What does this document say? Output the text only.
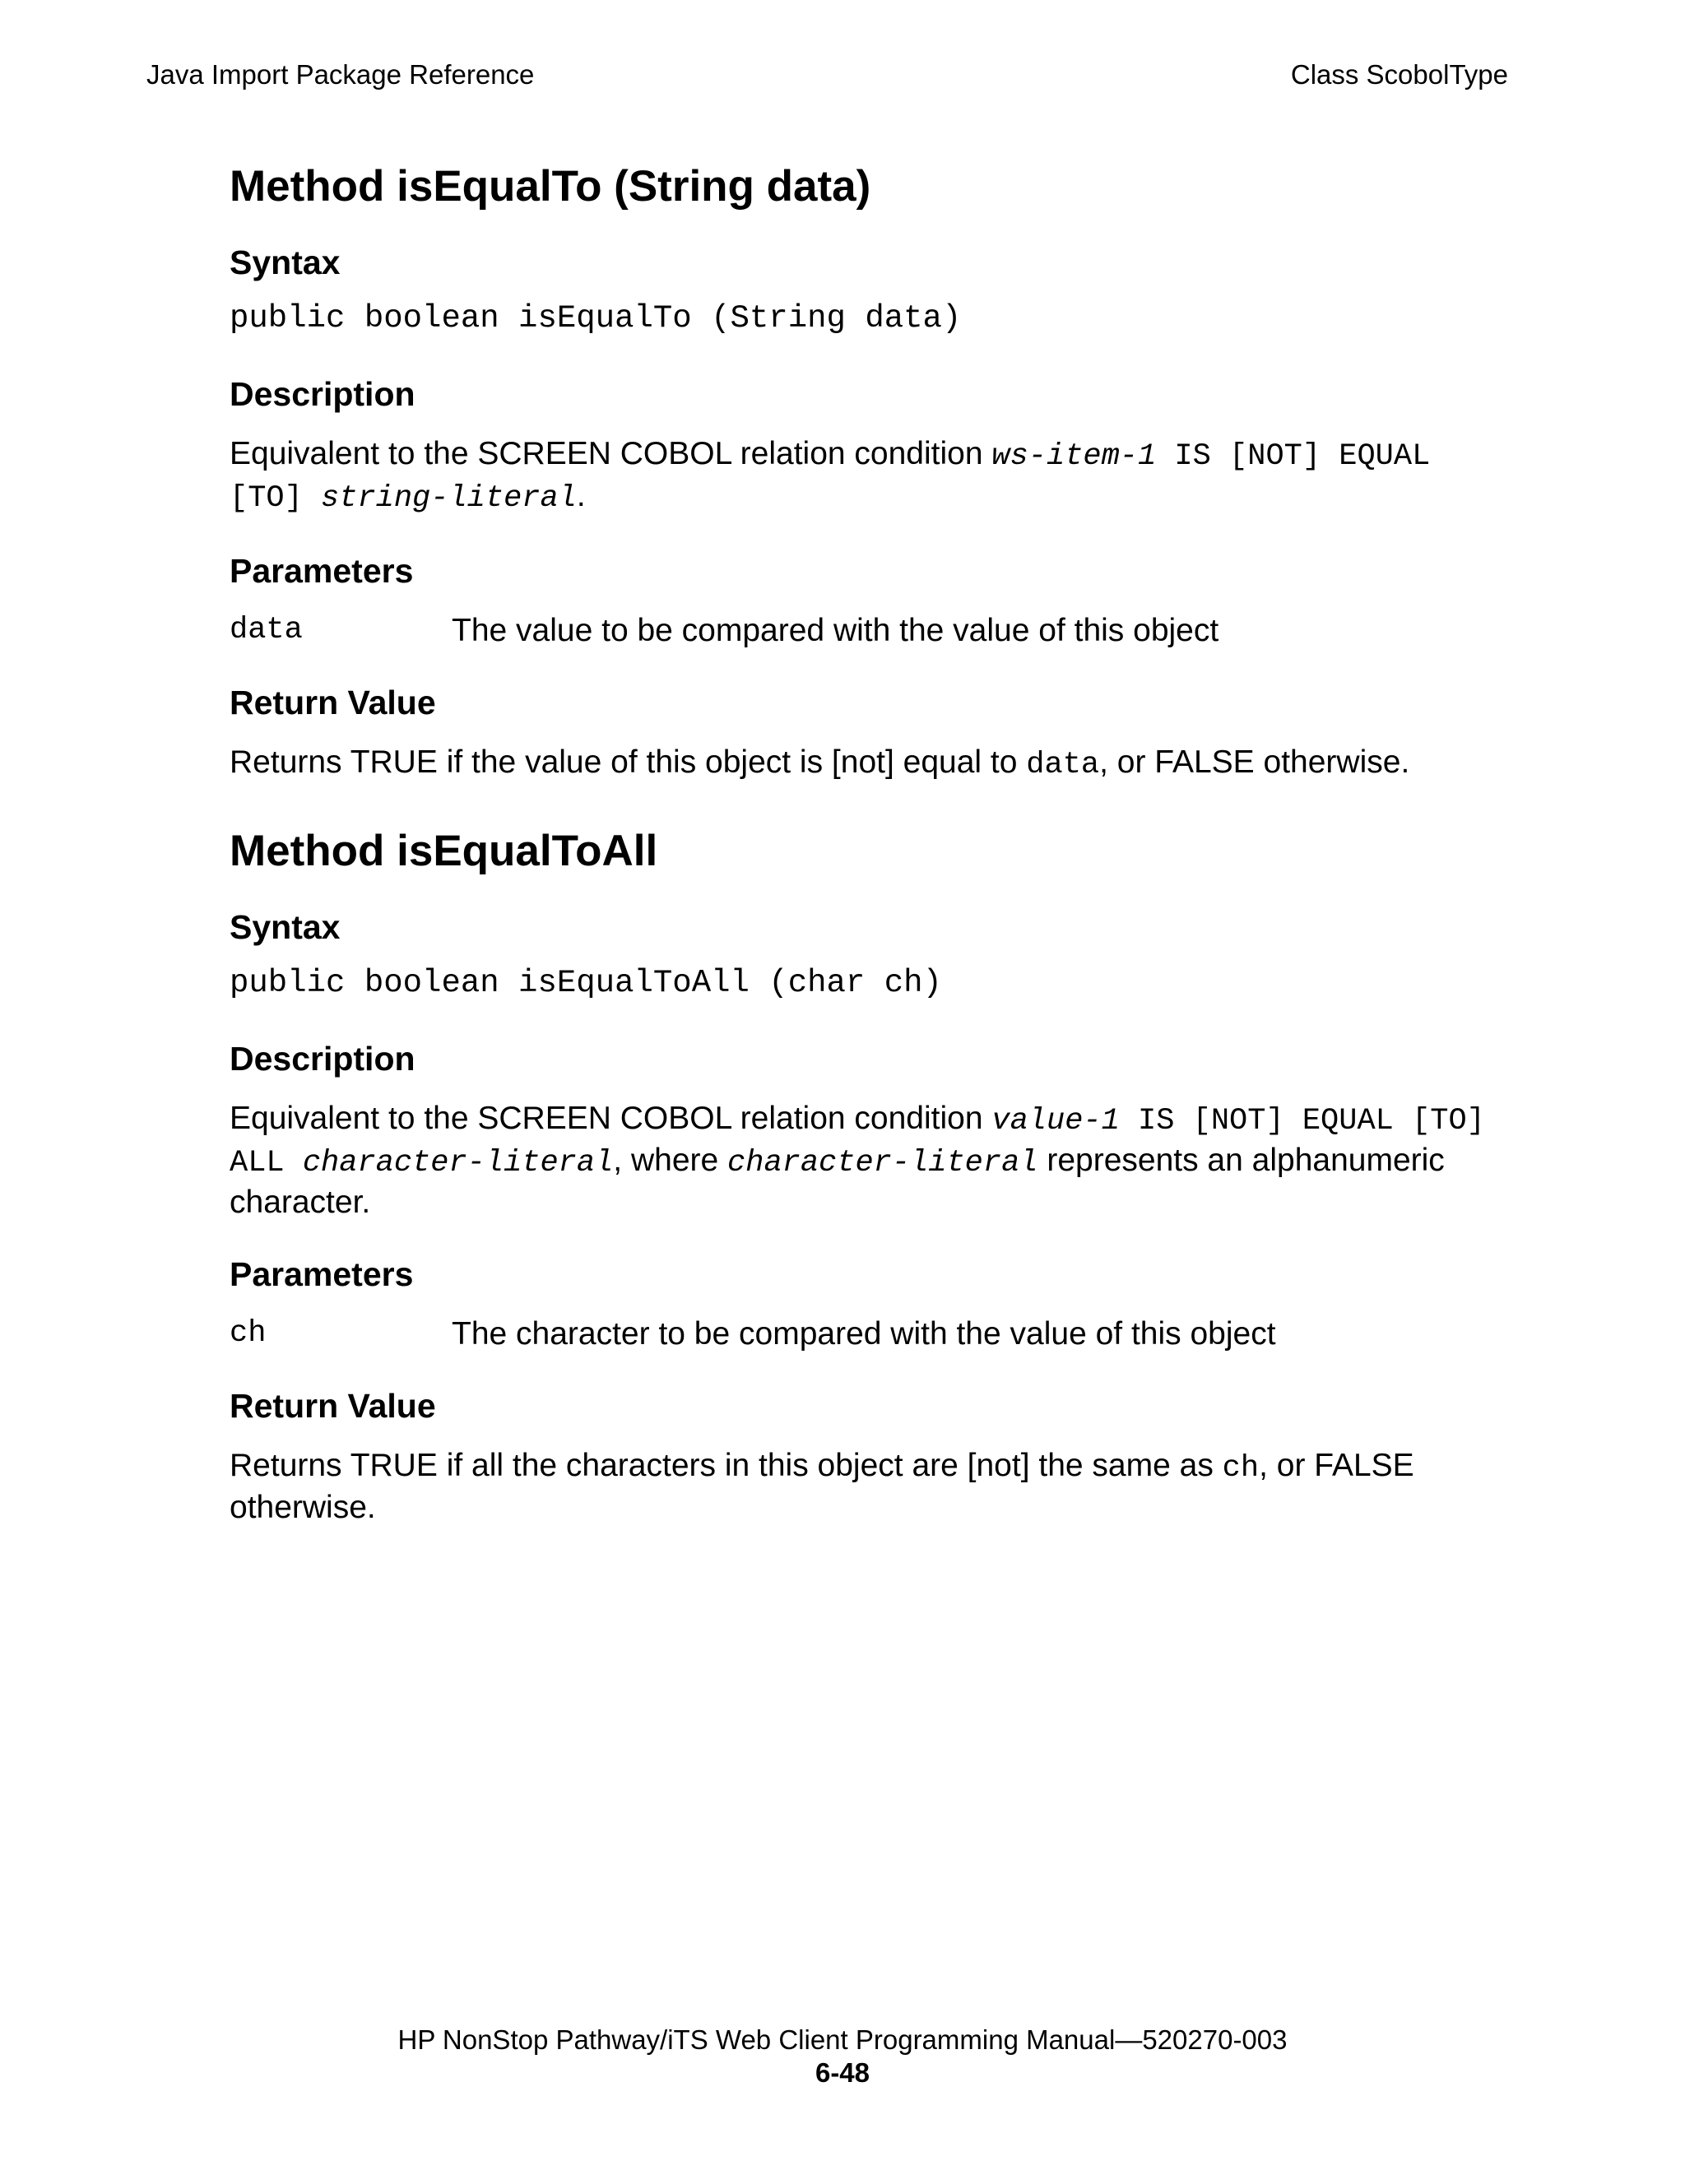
Java Import Package Reference	Class ScobolType
Method isEqualTo (String data)
Syntax
public boolean isEqualTo (String data)
Description

Equivalent to the SCREEN COBOL relation condition ws-item-1 IS [NOT] EQUAL [TO] string-literal.

Parameters
data	The value to be compared with the value of this object
Return Value

Returns TRUE if the value of this object is [not] equal to data, or FALSE otherwise.

Method isEqualToAll
Syntax
public boolean isEqualToAll (char ch)
Description

Equivalent to the SCREEN COBOL relation condition value-1 IS [NOT] EQUAL [TO] ALL character-literal, where character-literal represents an alphanumeric character.

Parameters
ch	The character to be compared with the value of this object
Return Value

Returns TRUE if all the characters in this object are [not] the same as ch, or FALSE otherwise.

HP NonStop Pathway/iTS Web Client Programming Manual—520270-003
6-48
